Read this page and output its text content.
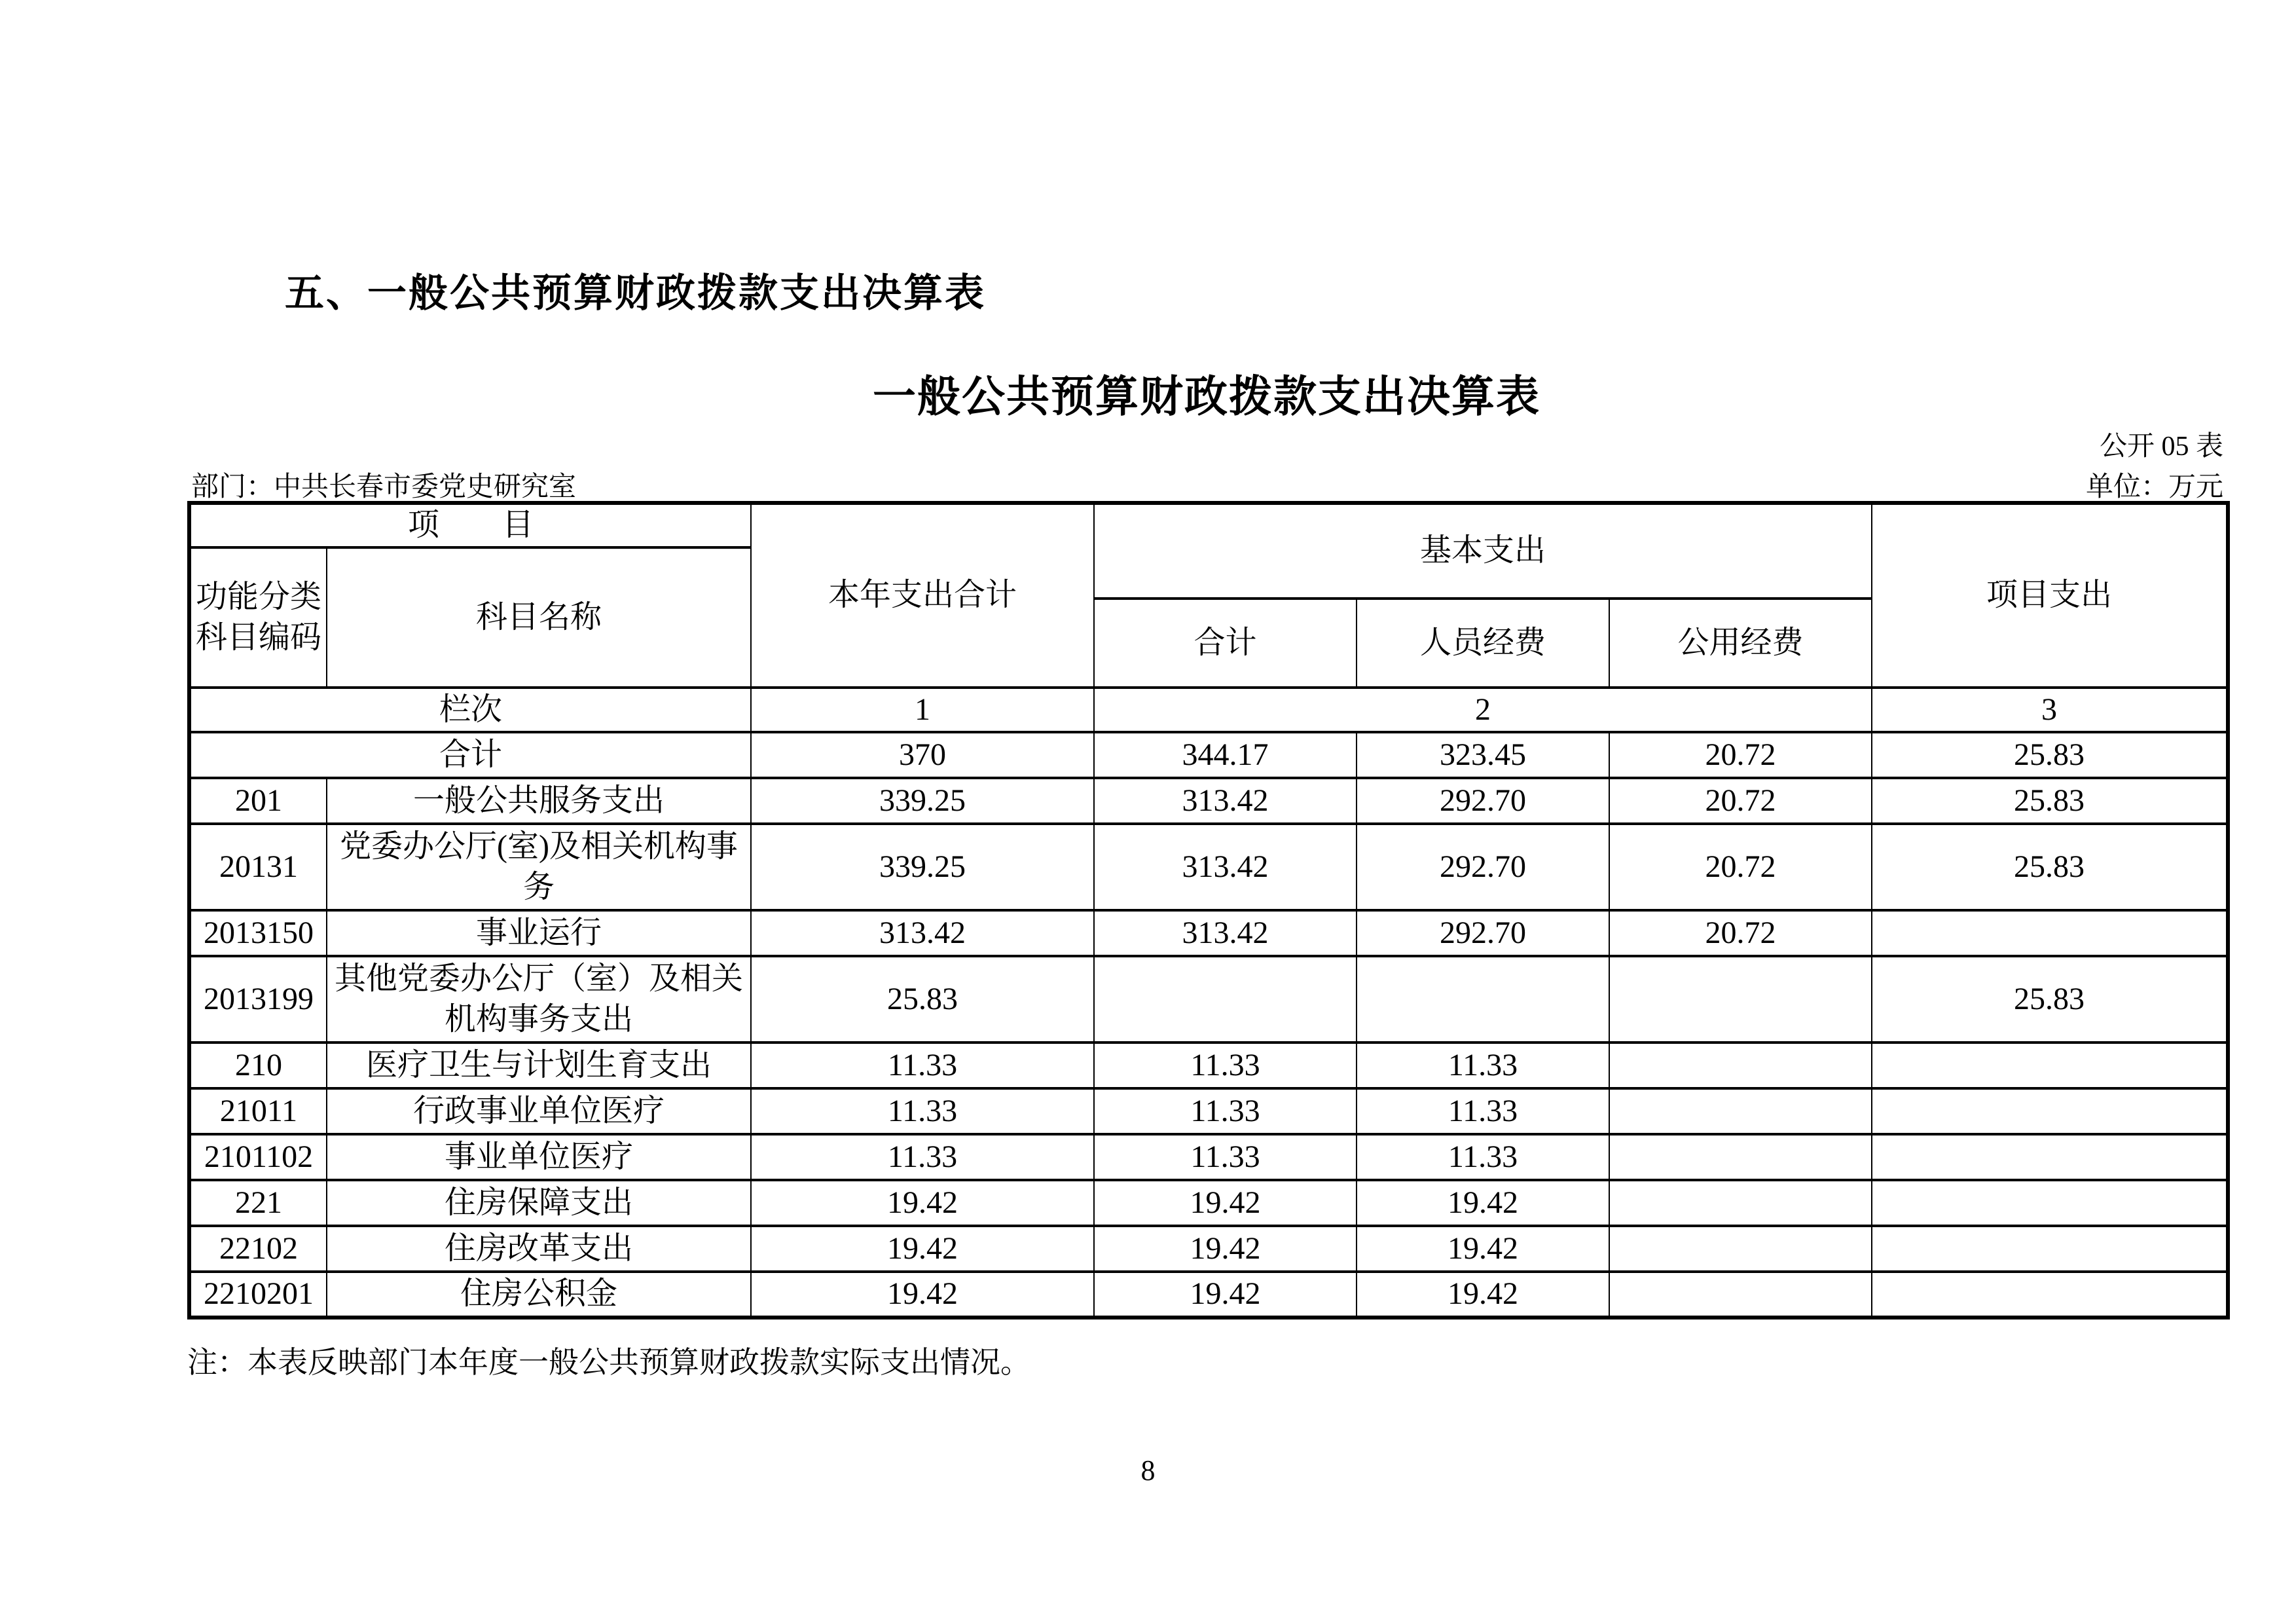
五、一般公共预算财政拨款支出决算表
一般公共预算财政拨款支出决算表
公开 05 表
部门：中共长春市委党史研究室	单位：万元
项　　目		本年支出合计	基本支出			项目支出
功能分类科目编码	科目名称					
			合计	人员经费	公用经费	
栏次		1	2			3
合计		370	344.17	323.45	20.72	25.83
201	一般公共服务支出	339.25	313.42	292.70	20.72	25.83
20131	党委办公厅(室)及相关机构事务	339.25	313.42	292.70	20.72	25.83
2013150	事业运行	313.42	313.42	292.70	20.72	
2013199	其他党委办公厅（室）及相关机构事务支出	25.83				25.83
210	医疗卫生与计划生育支出	11.33	11.33	11.33		
21011	行政事业单位医疗	11.33	11.33	11.33		
2101102	事业单位医疗	11.33	11.33	11.33		
221	住房保障支出	19.42	19.42	19.42		
22102	住房改革支出	19.42	19.42	19.42		
2210201	住房公积金	19.42	19.42	19.42		
注：本表反映部门本年度一般公共预算财政拨款实际支出情况。
8
